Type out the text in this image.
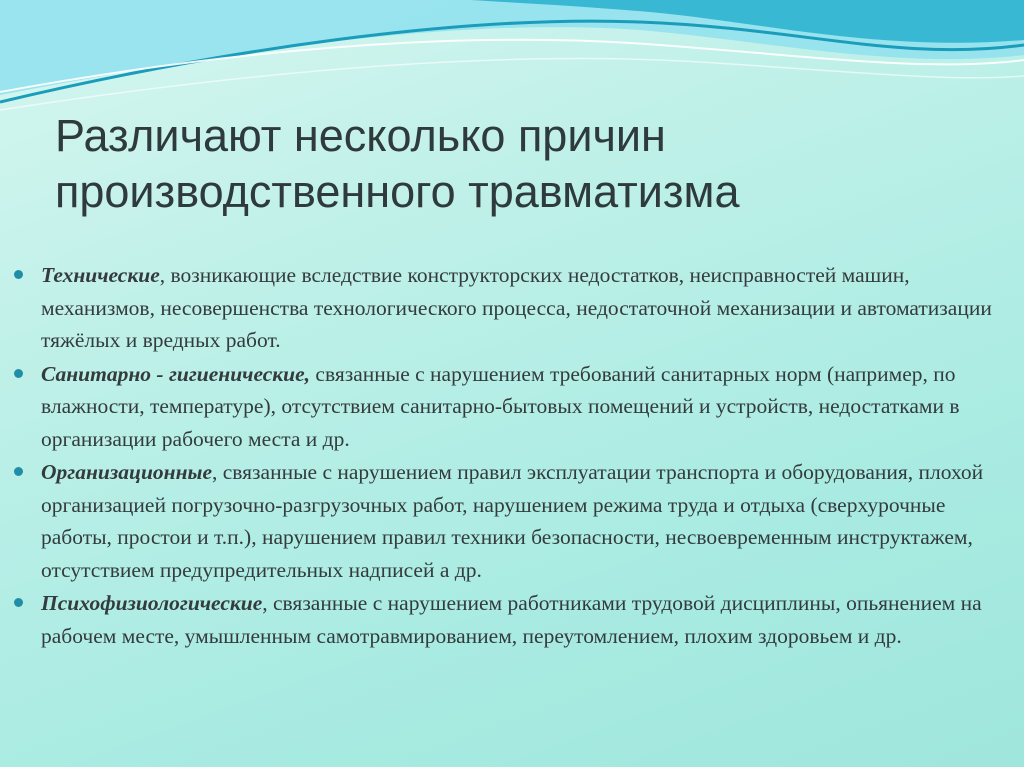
Различают несколько причин
производственного травматизма
Технические, возникающие вследствие конструкторских недостатков, неисправностей машин, механизмов, несовершенства технологического процесса, недостаточной механизации и автоматизации тяжёлых и вредных работ.
Санитарно - гигиенические, связанные с нарушением требований санитарных норм (например, по влажности, температуре), отсутствием санитарно-бытовых помещений и устройств, недостатками в организации рабочего места и др.
Организационные, связанные с нарушением правил эксплуатации транспорта и оборудования, плохой организацией погрузочно-разгрузочных работ, нарушением режима труда и отдыха (сверхурочные работы, простои и т.п.), нарушением правил техники безопасности, несвоевременным инструктажем, отсутствием предупредительных надписей а др.
Психофизиологические, связанные с нарушением работниками трудовой дисциплины, опьянением на рабочем месте, умышленным самотравмированием, переутомлением, плохим здоровьем и др.
